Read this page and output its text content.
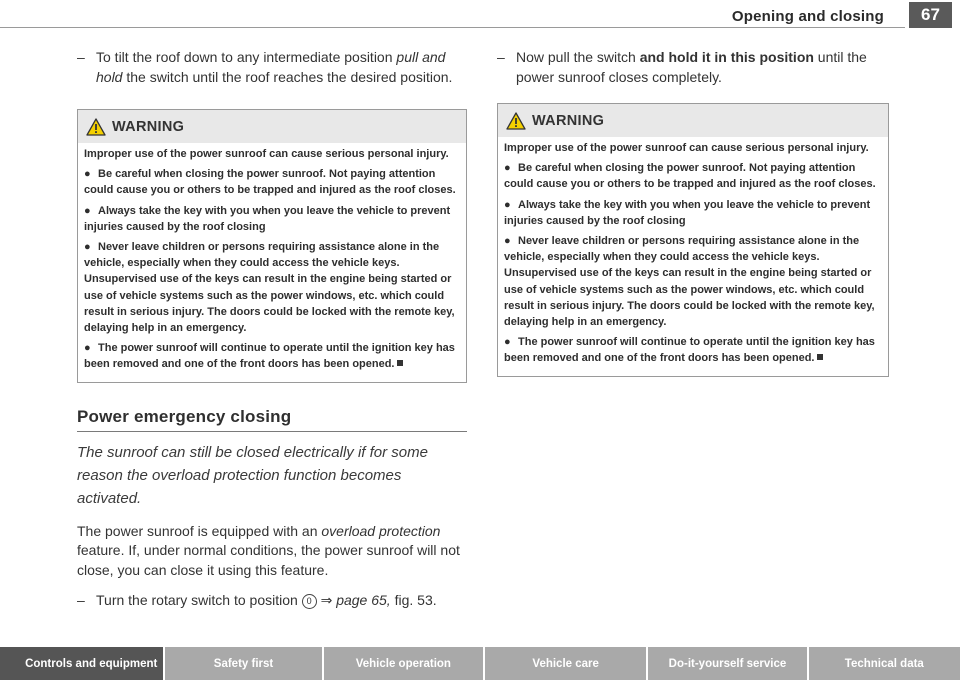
Opening and closing	67

– To tilt the roof down to any intermediate position pull and hold the switch until the roof reaches the desired position.

WARNING

Improper use of the power sunroof can cause serious personal injury.

● Be careful when closing the power sunroof. Not paying attention could cause you or others to be trapped and injured as the roof closes.

● Always take the key with you when you leave the vehicle to prevent injuries caused by the roof closing

● Never leave children or persons requiring assistance alone in the vehicle, especially when they could access the vehicle keys. Unsupervised use of the keys can result in the engine being started or use of vehicle systems such as the power windows, etc. which could result in serious injury. The doors could be locked with the remote key, delaying help in an emergency.

● The power sunroof will continue to operate until the ignition key has been removed and one of the front doors has been opened.

Power emergency closing

The sunroof can still be closed electrically if for some reason the overload protection function becomes activated.

The power sunroof is equipped with an overload protection feature. If, under normal conditions, the power sunroof will not close, you can close it using this feature.

– Turn the rotary switch to position 0 ⇒ page 65, fig. 53.

– Now pull the switch and hold it in this position until the power sunroof closes completely.

WARNING

Improper use of the power sunroof can cause serious personal injury.

● Be careful when closing the power sunroof. Not paying attention could cause you or others to be trapped and injured as the roof closes.

● Always take the key with you when you leave the vehicle to prevent injuries caused by the roof closing

● Never leave children or persons requiring assistance alone in the vehicle, especially when they could access the vehicle keys. Unsupervised use of the keys can result in the engine being started or use of vehicle systems such as the power windows, etc. which could result in serious injury. The doors could be locked with the remote key, delaying help in an emergency.

● The power sunroof will continue to operate until the ignition key has been removed and one of the front doors has been opened.

Controls and equipment	Safety first	Vehicle operation	Vehicle care	Do-it-yourself service	Technical data
